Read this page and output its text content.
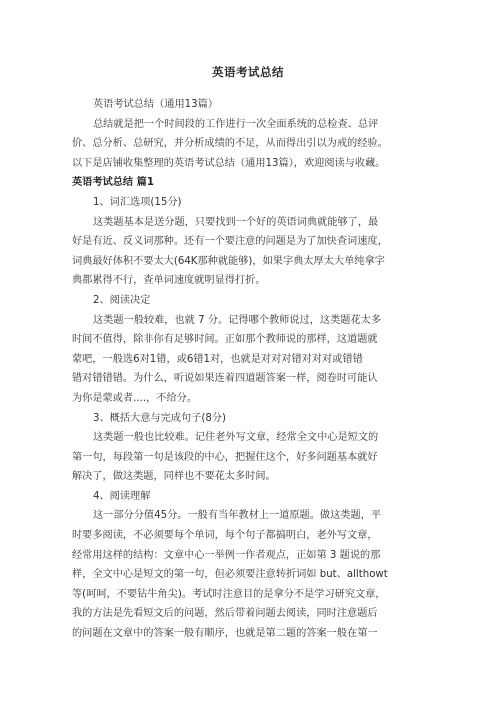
英语考试总结
英语考试总结（通用13篇）
总结就是把一个时间段的工作进行一次全面系统的总检查、总评
价、总分析、总研究，并分析成绩的不足，从而得出引以为戒的经验。
以下是店铺收集整理的英语考试总结（通用13篇），欢迎阅读与收藏。
英语考试总结 篇1
1、词汇选项(15分)
这类题基本是送分题，只要找到一个好的英语词典就能够了，最
好是有近、反义词那种。还有一个要注意的问题是为了加快查词速度，
词典最好体积不要太大(64K那种就能够)，如果字典太厚太大单纯拿字
典都累得不行，查单词速度就明显得打折。
2、阅读决定
这类题一般较难，也就 7 分。记得哪个教师说过，这类题花太多
时间不值得，除非你有足够时间。正如那个教师说的那样，这道题就
蒙吧，一般选6对1错，或6错1对，也就是对对对错对对对或错错
错对错错错。为什么，听说如果连着四道题答案一样，阅卷时可能认
为你是蒙或者....，不给分。
3、概括大意与完成句子(8分)
这类题一般也比较难。记住老外写文章，经常全文中心是短文的
第一句，每段第一句是该段的中心，把握住这个，好多问题基本就好
解决了，做这类题，同样也不要花太多时间。
4、阅读理解
这一部分分值45分。一般有当年教材上一道原题。做这类题，平
时要多阅读，不必须要每个单词，每个句子都搞明白，老外写文章，
经常用这样的结构：文章中心一举例一作者观点，正如第 3 题说的那
样，全文中心是短文的第一句，但必须要注意转折词如 but、allthowt
等(呵呵，不要钻牛角尖)。考试时注意目的是拿分不是学习研究文章，
我的方法是先看短文后的问题，然后带着问题去阅读，同时注意题后
的问题在文章中的答案一般有顺序，也就是第二题的答案一般在第一
